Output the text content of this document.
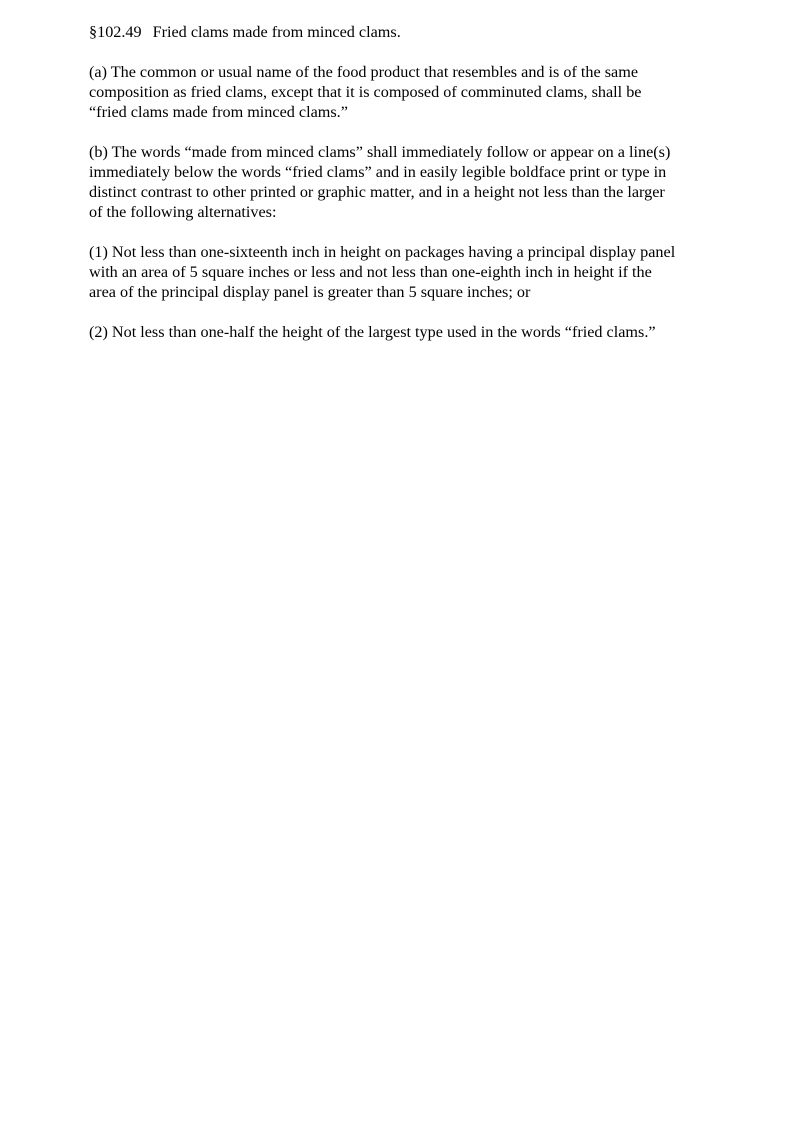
§102.49 Fried clams made from minced clams.

(a) The common or usual name of the food product that resembles and is of the same
composition as fried clams, except that it is composed of comminuted clams, shall be
“fried clams made from minced clams.”

(b) The words “made from minced clams” shall immediately follow or appear on a line(s)
immediately below the words “fried clams” and in easily legible boldface print or type in
distinct contrast to other printed or graphic matter, and in a height not less than the larger
of the following alternatives:

(1) Not less than one-sixteenth inch in height on packages having a principal display panel
with an area of 5 square inches or less and not less than one-eighth inch in height if the
area of the principal display panel is greater than 5 square inches; or

(2) Not less than one-half the height of the largest type used in the words “fried clams.”
